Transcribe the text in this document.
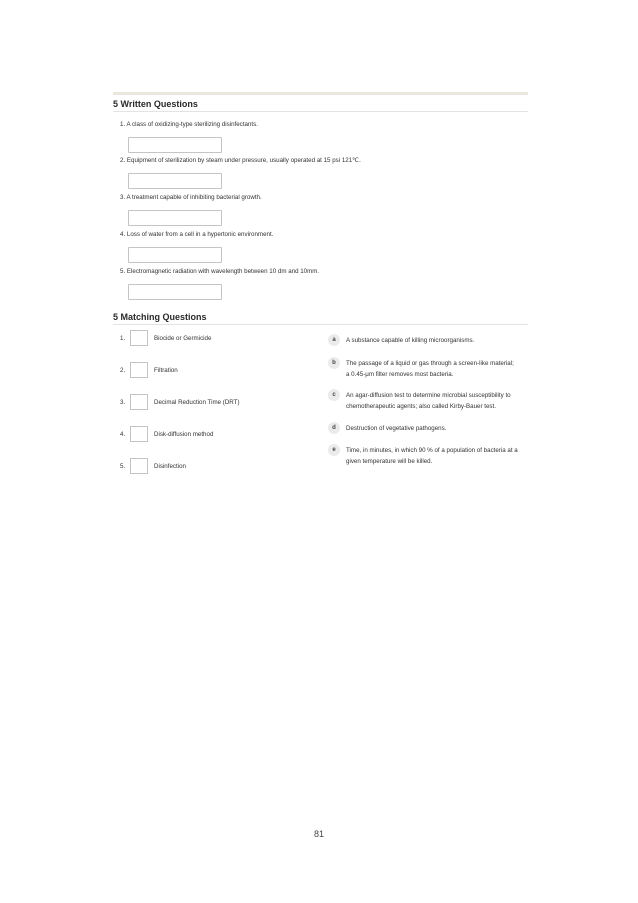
5 Written Questions
1. A class of oxidizing-type sterilizing disinfectants.
2. Equipment of sterilization by steam under pressure, usually operated at 15 psi 121℃.
3. A treatment capable of inhibiting bacterial growth.
4. Loss of water from a cell in a hypertonic environment.
5. Electromagnetic radiation with wavelength between 10 dm and 10mm.
5 Matching Questions
1.	Biocide or Germicide
2.	Filtration
3.	Decimal Reduction Time (DRT)
4.	Disk-diffusion method
5.	Disinfection
a	A substance capable of killing microorganisms.
b	The passage of a liquid or gas through a screen-like material; a 0.45-μm filter removes most bacteria.
c	An agar-diffusion test to determine microbial susceptibility to chemotherapeutic agents; also called Kirby-Bauer test.
d	Destruction of vegetative pathogens.
e	Time, in minutes, in which 90 % of a population of bacteria at a given temperature will be killed.
81
